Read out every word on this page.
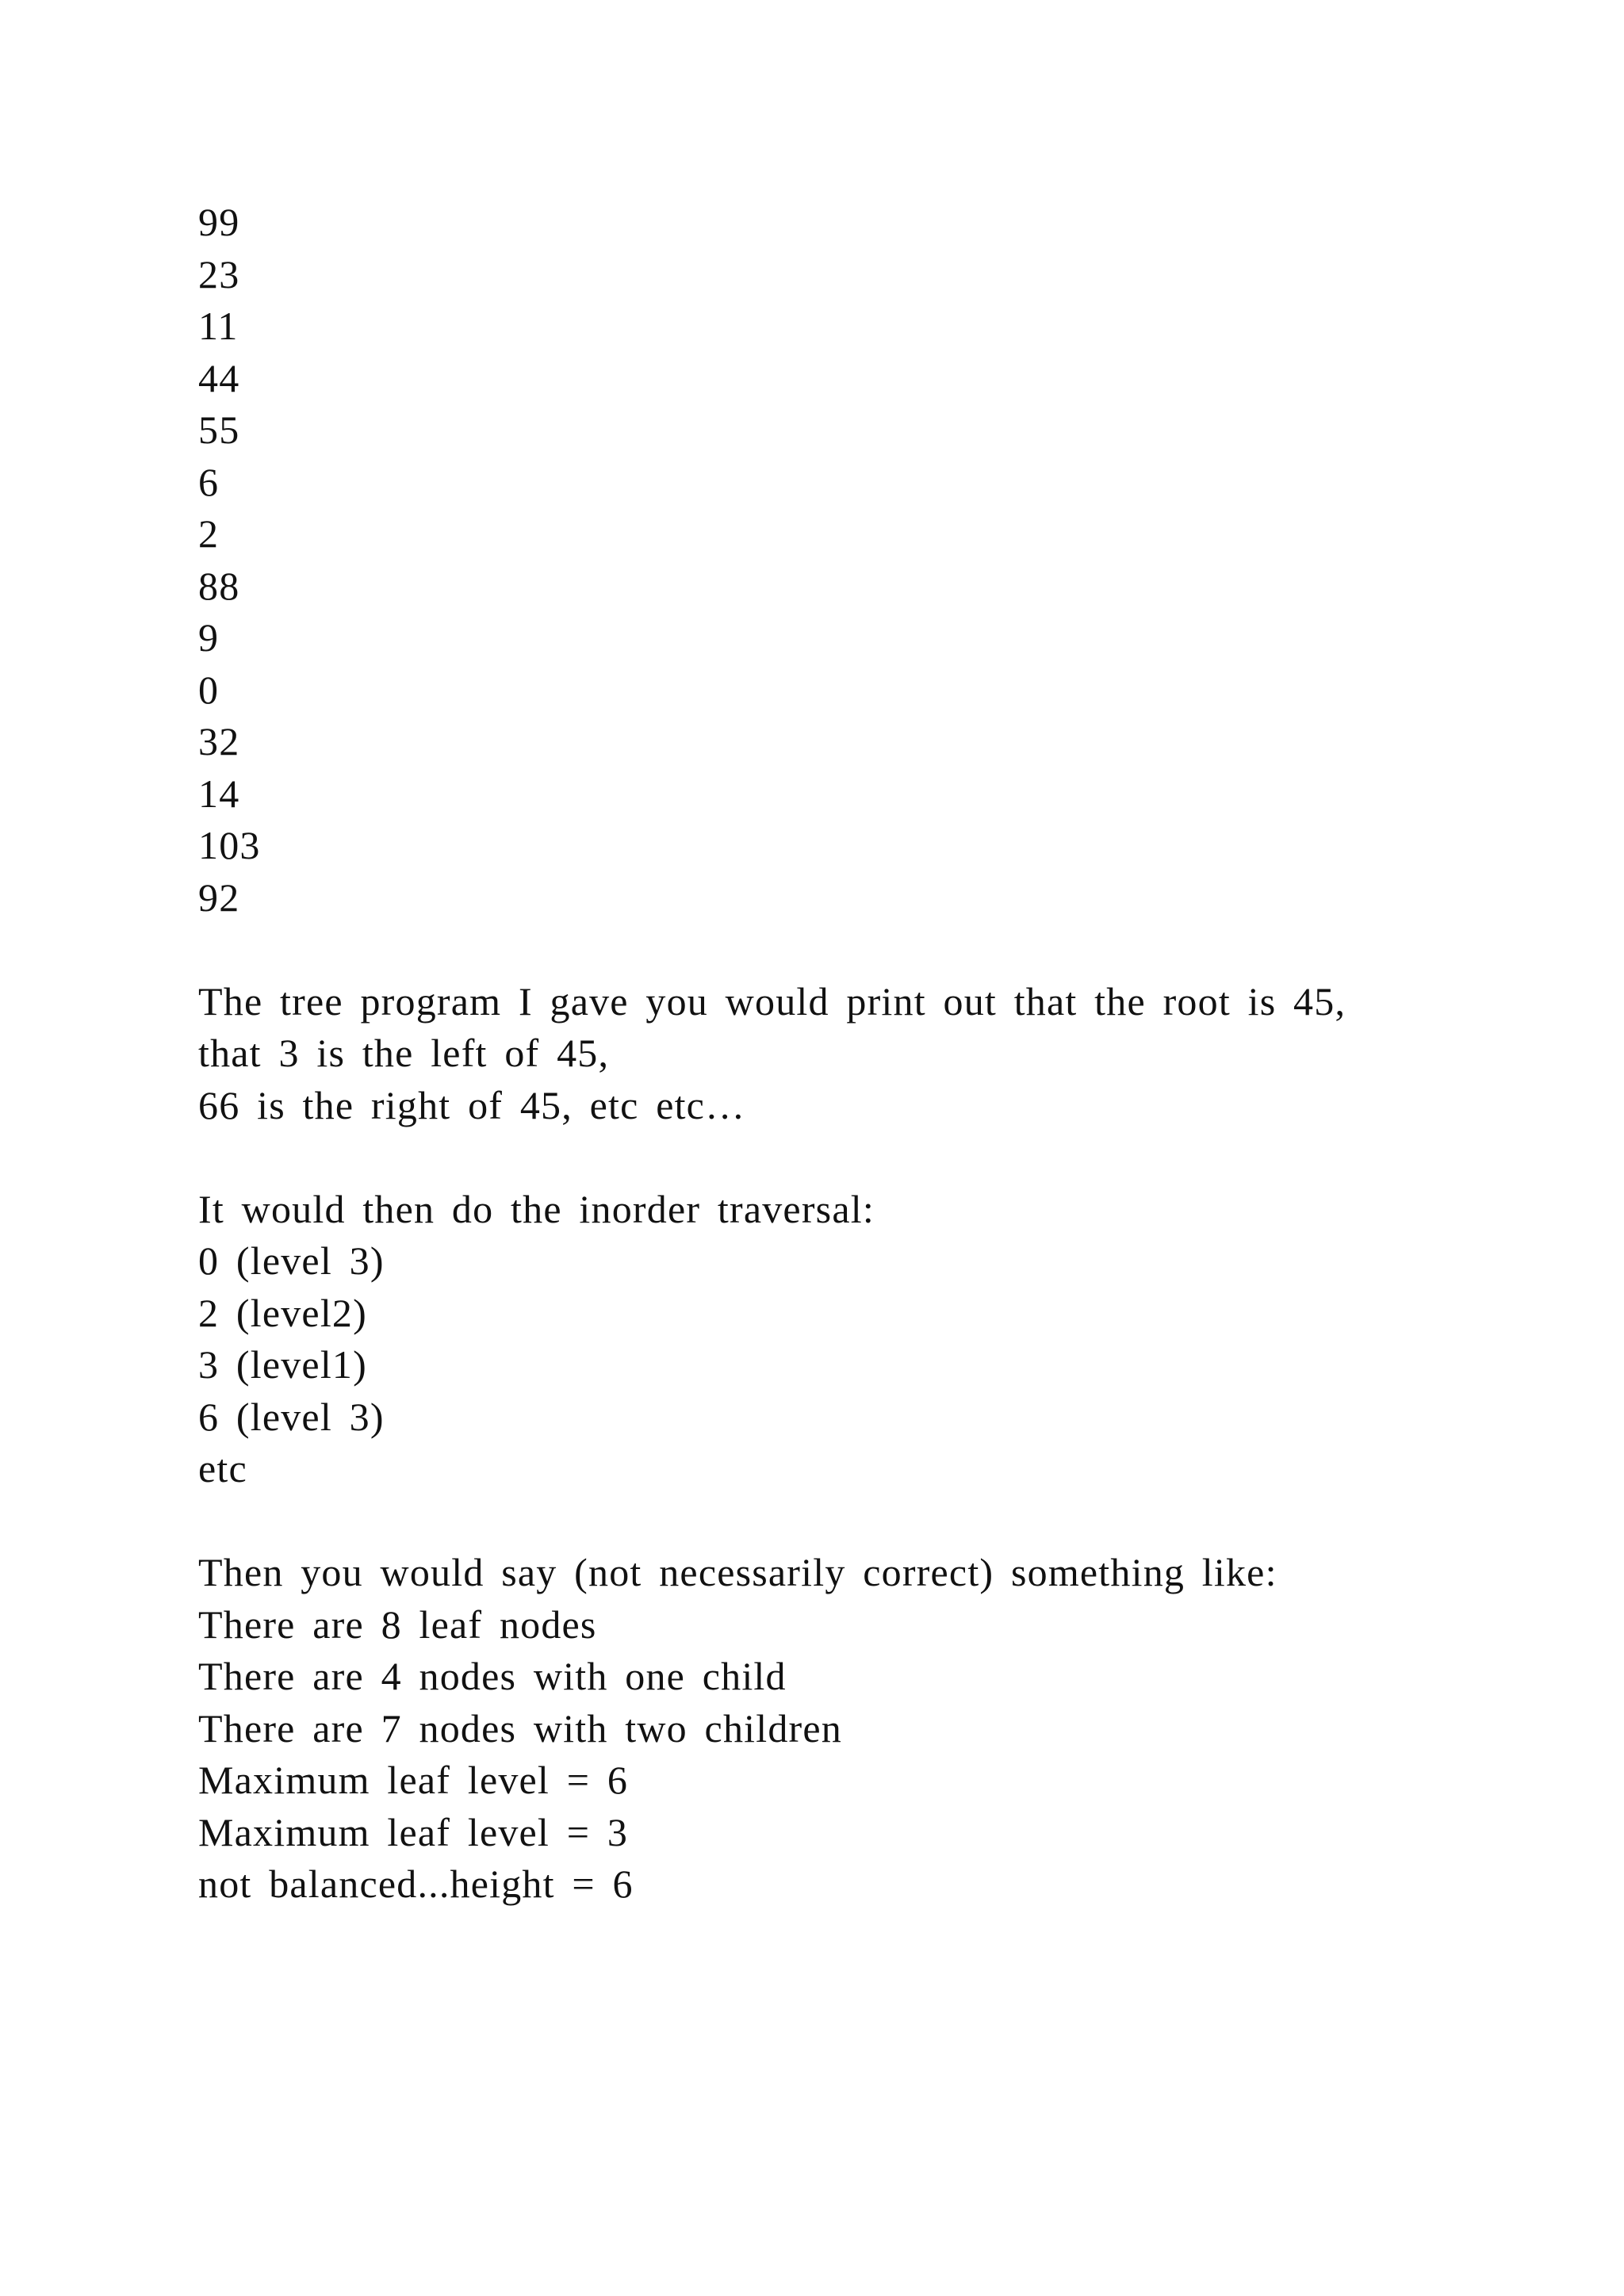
99
23
11
44
55
6
2
88
9
0
32
14
103
92
The tree program I gave you would print out that the root is 45,
that 3 is the left of 45,
66 is the right of 45, etc etc…
It would then do the inorder traversal:
0 (level 3)
2 (level2)
3 (level1)
6 (level 3)
etc
Then you would say (not necessarily correct) something like:
There are 8 leaf nodes
There are 4 nodes with one child
There are 7 nodes with two children
Maximum leaf level = 6
Maximum leaf level = 3
not balanced...height = 6
